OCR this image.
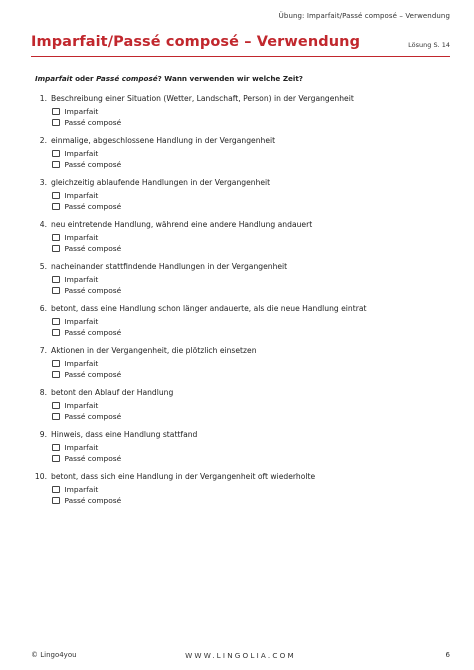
Übung: Imparfait/Passé composé – Verwendung
Imparfait/Passé composé – Verwendung	Lösung S. 14
Imparfait oder Passé composé? Wann verwenden wir welche Zeit?
1. Beschreibung einer Situation (Wetter, Landschaft, Person) in der Vergangenheit
Imparfait
Passé composé
2. einmalige, abgeschlossene Handlung in der Vergangenheit
Imparfait
Passé composé
3. gleichzeitig ablaufende Handlungen in der Vergangenheit
Imparfait
Passé composé
4. neu eintretende Handlung, während eine andere Handlung andauert
Imparfait
Passé composé
5. nacheinander stattfindende Handlungen in der Vergangenheit
Imparfait
Passé composé
6. betont, dass eine Handlung schon länger andauerte, als die neue Handlung eintrat
Imparfait
Passé composé
7. Aktionen in der Vergangenheit, die plötzlich einsetzen
Imparfait
Passé composé
8. betont den Ablauf der Handlung
Imparfait
Passé composé
9. Hinweis, dass eine Handlung stattfand
Imparfait
Passé composé
10. betont, dass sich eine Handlung in der Vergangenheit oft wiederholte
Imparfait
Passé composé
© Lingo4you	WWW.LINGOLIA.COM	6
